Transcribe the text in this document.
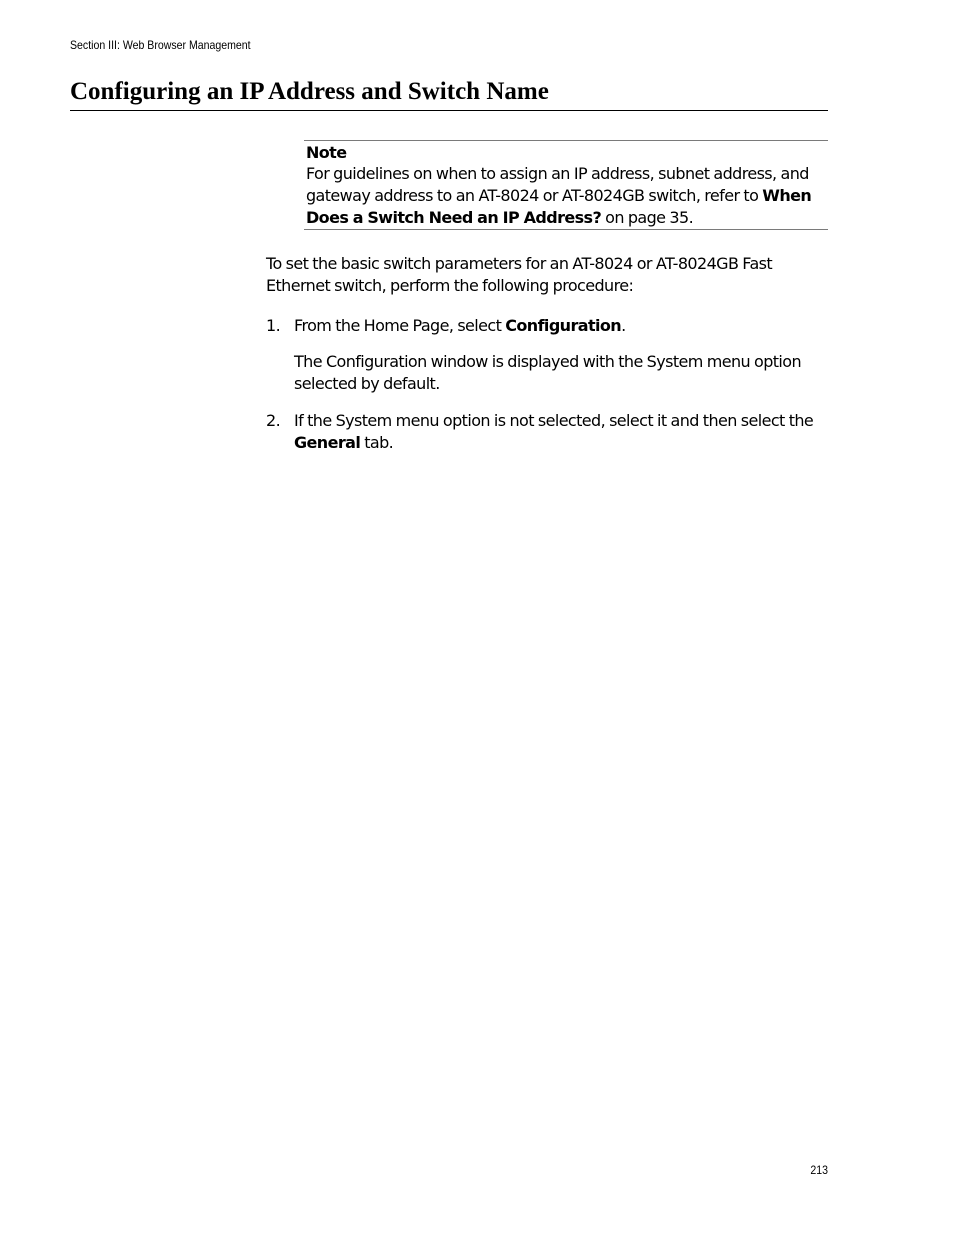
Section III: Web Browser Management
Configuring an IP Address and Switch Name
Note
For guidelines on when to assign an IP address, subnet address, and gateway address to an AT-8024 or AT-8024GB switch, refer to When Does a Switch Need an IP Address? on page 35.

To set the basic switch parameters for an AT-8024 or AT-8024GB Fast Ethernet switch, perform the following procedure:

1. From the Home Page, select Configuration.

The Configuration window is displayed with the System menu option selected by default.

2. If the System menu option is not selected, select it and then select the General tab.
213
